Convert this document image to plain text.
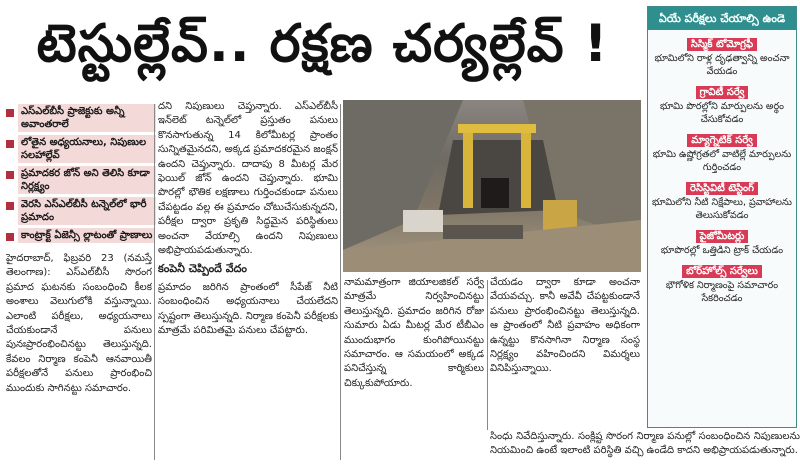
టెస్టుల్లేవ్.. రక్షణ చర్యల్లేవ్ !
ఎస్‌ఎల్‌బీసీ ప్రాజెక్టుకు అన్నీ అవాంతరాలే
లోతైన అధ్యయనాలు, నిపుణుల సలహాల్లేవ్
ప్రమాదకర జోన్ అని తెలిసి కూడా నిర్లక్ష్యం
వెరసి ఎస్‌ఎల్‌బీసీ టన్నెల్‌లో భారీ ప్రమాదం
కాంట్రాక్ట్ ఏజెన్సీ ల్లాటంతో ప్రాణాలు
హైదరాబాద్, ఫిబ్రవరి 23 (నమస్తే తెలంగాణ): ఎస్‌ఎల్‌బీసీ సొరంగ ప్రమాద ఘటనకు సంబంధించి కీలక అంశాలు వెలుగులోకి వస్తున్నాయి. ఎలాంటి పరీక్షలు, అధ్యయనాలు చేయకుండానే పనులు పునఃప్రారంభించినట్టు తెలుస్తున్నది. కేవలం నిర్మాణ కంపెనీ ఆనవాయితీ పరీక్షలతోనే పనులు ప్రారంభించి ముందుకు సాగినట్టు సమాచారం.
దని నిపుణులు చెప్తున్నారు. ఎస్‌ఎల్‌బీసీ ఇన్‌లెట్ టన్నెల్‌లో ప్రస్తుతం పనులు కొనసాగుతున్న 14 కిలోమీటర్ల ప్రాంతం సున్నితమైనదని, అక్కడ ప్రమాదకరమైన జంక్షన్ ఉందని చెప్తున్నారు. దాదాపు 8 మీటర్ల మేర ఫెయిల్ జోన్ ఉందని చెప్తున్నారు. భూమి పొరల్లో భౌతిక లక్షణాలు గుర్తించకుండా పనులు చేపట్టడం వల్ల ఈ ప్రమాదం చోటుచేసుకున్నదని, పరీక్షల ద్వారా ప్రకృతి సిద్ధమైన పరిస్థితులు అంచనా వేయాల్సి ఉందని నిపుణులు అభిప్రాయపడుతున్నారు.
కంపెనీ చెప్పిందే వేదం
ప్రమాదం జరిగిన ప్రాంతంలో సీపేజ్‌ నీటి సంబంధించిన అధ్యయనాలు చేయలేదని స్పష్టంగా తెలుస్తున్నది. నిర్మాణ కంపెనీ పరీక్షలకు మాత్రమే పరిమితమై పనులు చేపట్టారు.
నామమాత్రంగా జియాలజికల్ సర్వే మాత్రమే నిర్వహించినట్టు తెలుస్తున్నది. ప్రమాదం జరిగిన రోజు సుమారు ఏడు మీటర్ల మేర టీబీఎం ముందుభాగం కుంగిపోయినట్టు సమాచారం. ఆ సమయంలో అక్కడ పనిచేస్తున్న కార్మికులు చిక్కుకుపోయారు.
చేయడం ద్వారా కూడా అంచనా వేయవచ్చు. కానీ అవేవీ చేపట్టకుండానే పనులు ప్రారంభించినట్టు తెలుస్తున్నది. ఆ ప్రాంతంలో నీటి ప్రవాహం అధికంగా ఉన్నట్టు కొనసాగినా నిర్మాణ సంస్థ నిర్లక్ష్యం వహించిందని విమర్శలు వినిపిస్తున్నాయి.
సింధు నివేదిస్తున్నారు. సంక్లిష్ట సొరంగ నిర్మాణ పనుల్లో సంబంధించిన నిపుణులను నియమించి ఉంటే ఇలాంటి పరిస్థితి వచ్చి ఉండేది కాదని అభిప్రాయపడుతున్నారు.
ఏయే పరీక్షలు చేయాల్సి ఉండె
సిస్మిక్ టోమోగ్రఫీ
భూమిలోని రాళ్ల దృఢత్వాన్ని అంచనా వేయడం
గ్రావిటీ సర్వే
భూమి పొరల్లోని మార్పులను అర్థం చేసుకోవడం
మ్యాగ్నెటిక్ సర్వే
భూమి ఉష్ణోగ్రతలో వాటిల్లే మార్పులను గుర్తించడం
రెసిస్టివిటీ టెస్టింగ్
భూమిలోని నీటి నిక్షేపాలు, ప్రవాహాలను తెలుసుకోవడం
పైజోమీటర్లు
భూపొరల్లో ఒత్తిడిని ట్రాక్ చేయడం
బోర్‌హోల్స్ సర్వేలు
భౌగోళిక నిర్మాణంపై సమాచారం సేకరించడం
